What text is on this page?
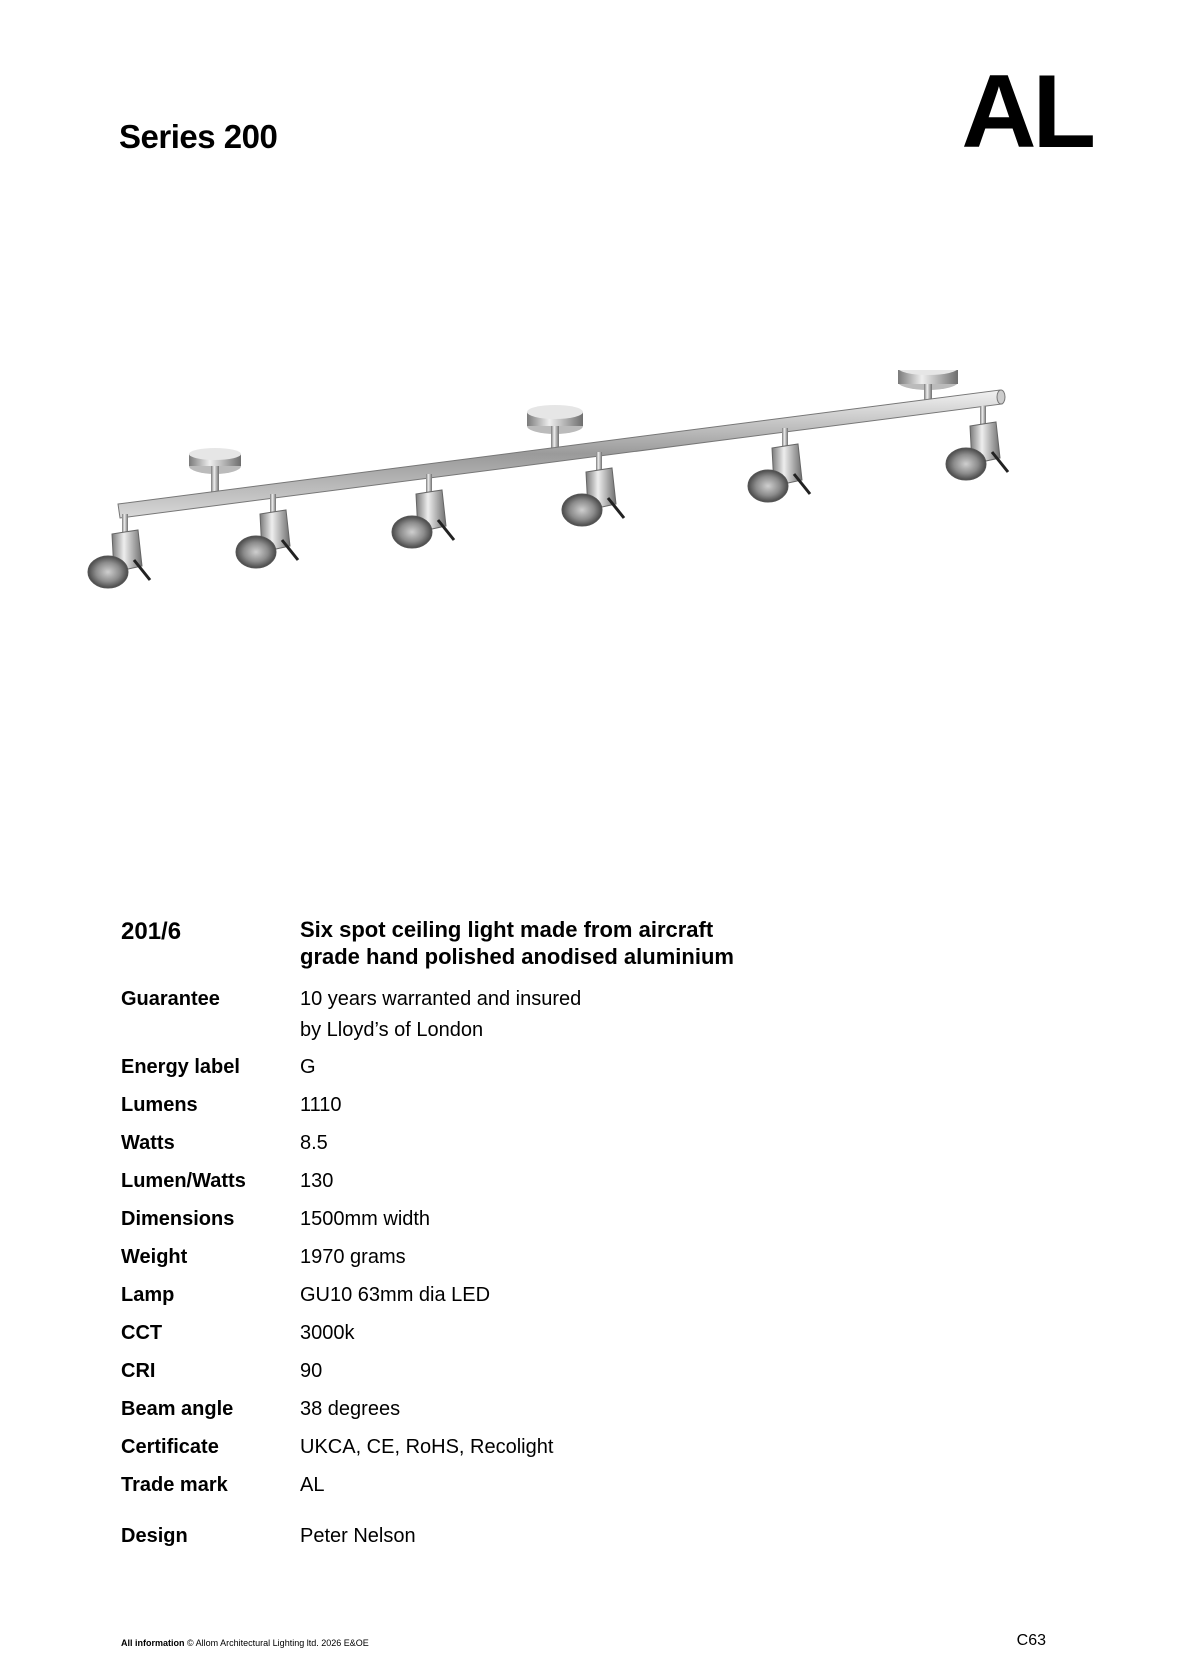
Series 200	AL
201/6	Six spot ceiling light made from aircraft
grade hand polished anodised aluminium
Guarantee	10 years warranted and insured
by Lloyd’s of London
Energy label	G
Lumens	1110
Watts	8.5
Lumen/Watts	130
Dimensions	1500mm width
Weight	1970 grams
Lamp	GU10 63mm dia LED
CCT	3000k
CRI	90
Beam angle	38 degrees
Certificate	UKCA, CE, RoHS, Recolight
Trade mark	AL
Design	Peter Nelson
All information © Allom Architectural Lighting ltd. 2026 E&OE	C63
